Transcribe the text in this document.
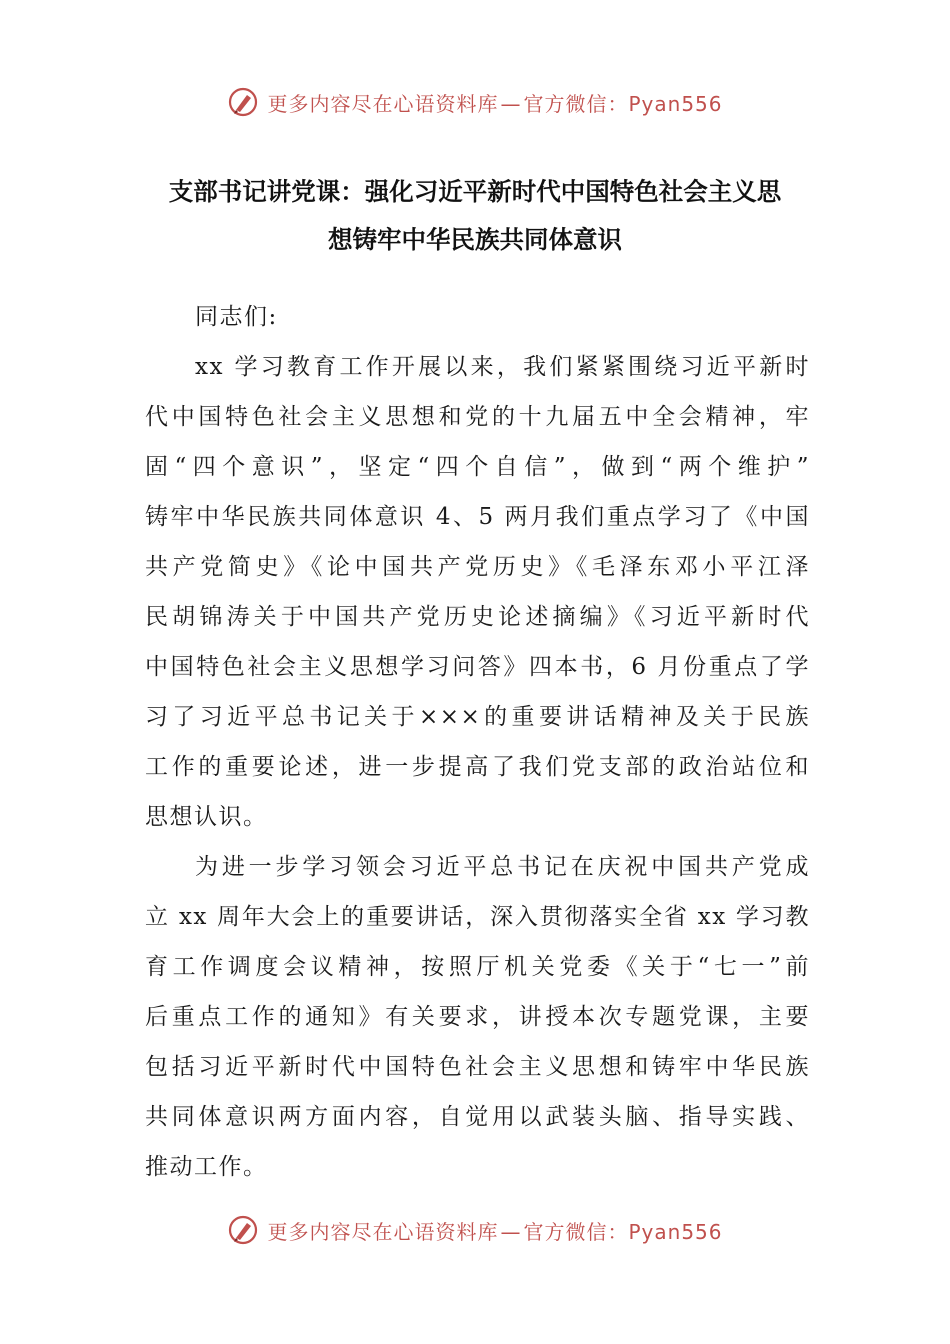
更多内容尽在心语资料库 — 官方微信：Pyan556
支部书记讲党课：强化习近平新时代中国特色社会主义思
想铸牢中华民族共同体意识
同志们:

xx 学习教育工作开展以来，我们紧紧围绕习近平新时
代中国特色社会主义思想和党的十九届五中全会精神，牢
固“四个意识”，坚定“四个自信”，做到“两个维护”
铸牢中华民族共同体意识 4、5 两月我们重点学习了《中国
共产党简史》《论中国共产党历史》《毛泽东邓小平江泽
民胡锦涛关于中国共产党历史论述摘编》《习近平新时代
中国特色社会主义思想学习问答》四本书，6 月份重点了学
习了习近平总书记关于×××的重要讲话精神及关于民族
工作的重要论述，进一步提高了我们党支部的政治站位和
思想认识。

为进一步学习领会习近平总书记在庆祝中国共产党成
立 xx 周年大会上的重要讲话，深入贯彻落实全省 xx 学习教
育工作调度会议精神，按照厅机关党委《关于“七一”前
后重点工作的通知》有关要求，讲授本次专题党课，主要
包括习近平新时代中国特色社会主义思想和铸牢中华民族
共同体意识两方面内容，自觉用以武装头脑、指导实践、
推动工作。

更多内容尽在心语资料库 — 官方微信：Pyan556
